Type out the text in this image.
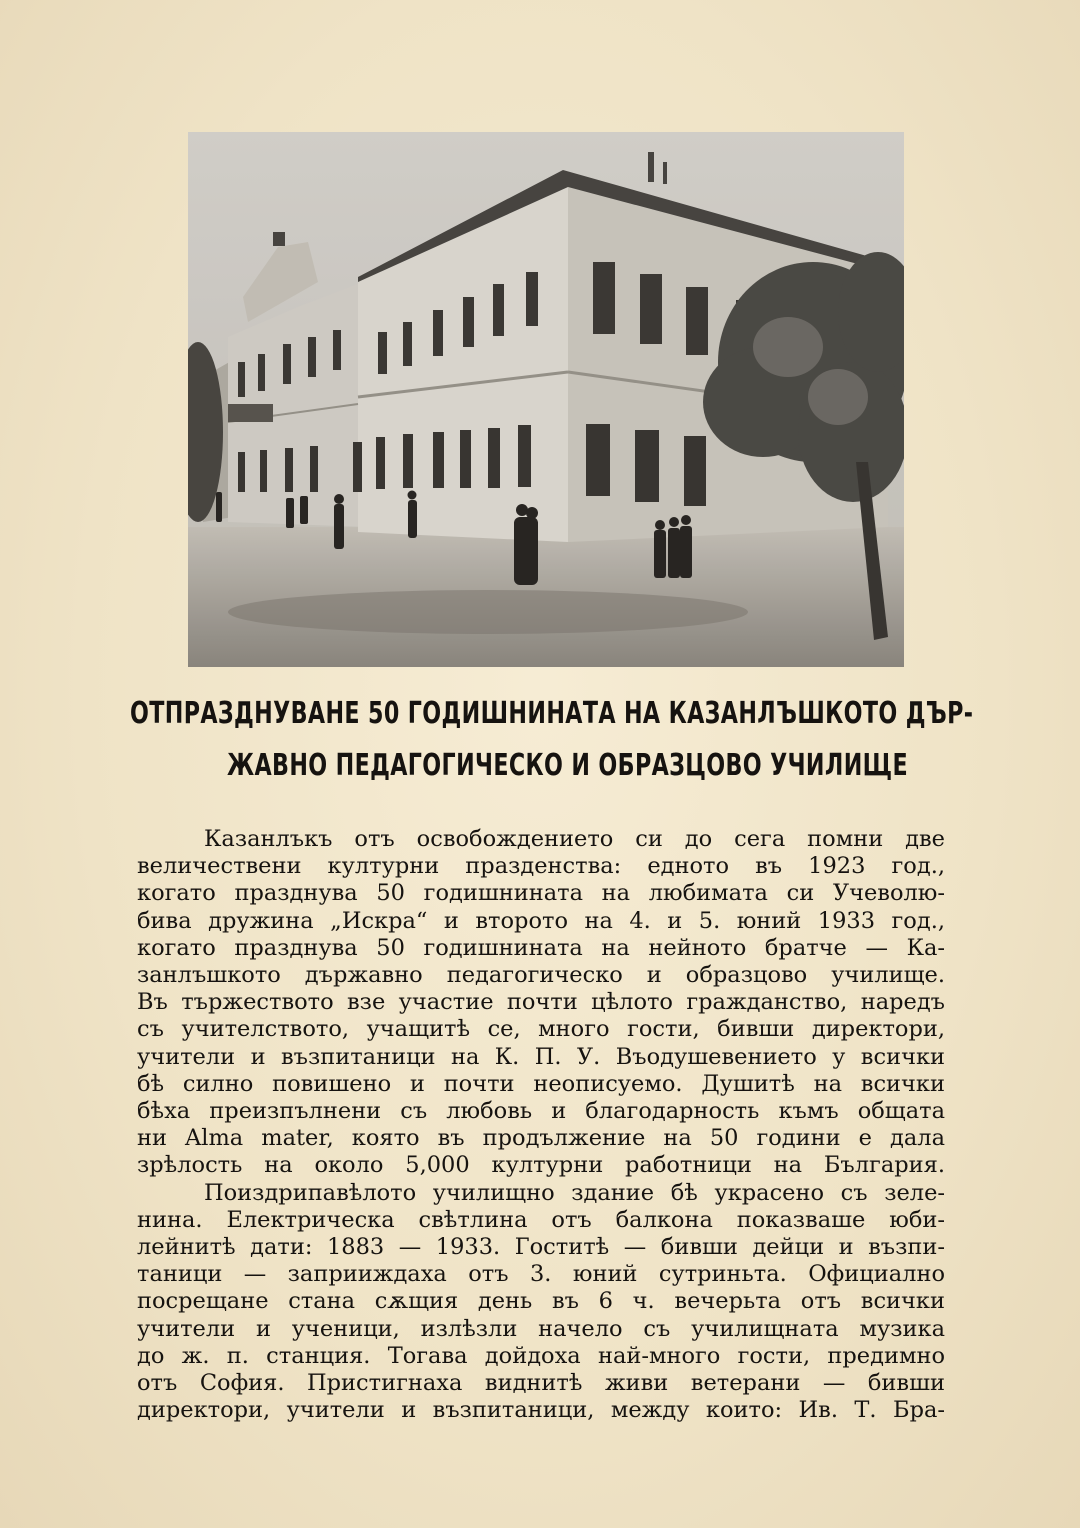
ОТПРАЗДНУВАНЕ 50 ГОДИШНИНАТА НА КАЗАНЛЪШКОТО ДЪР-
ЖАВНО ПЕДАГОГИЧЕСКО И ОБРАЗЦОВО УЧИЛИЩЕ
Казанлъкъ отъ освобождението си до сега помни две
величествени културни празденства: едното въ 1923 год.,
когато празднува 50 годишнината на любимата си Учеволю-
бива дружина „Искра“ и второто на 4. и 5. юний 1933 год.,
когато празднува 50 годишнината на нейното братче — Ка-
занлъшкото държавно педагогическо и образцово училище.
Въ тържеството взе участие почти цѣлото гражданство, наредъ
съ учителството, учащитѣ се, много гости, бивши директори,
учители и възпитаници на К. П. У. Въодушевението у всички
бѣ силно повишено и почти неописуемо. Душитѣ на всички
бѣха преизпълнени съ любовь и благодарность къмъ общата
ни Alma mater, която въ продължение на 50 години е дала
зрѣлость на около 5,000 културни работници на България.
Поиздрипавѣлото училищно здание бѣ украсено съ зеле-
нина. Електрическа свѣтлина отъ балкона показваше юби-
лейнитѣ дати: 1883 — 1933. Гоститѣ — бивши дейци и възпи-
таници — заприиждаха отъ 3. юний сутриньта. Официално
посрещане стана сѫщия день въ 6 ч. вечерьта отъ всички
учители и ученици, излѣзли начело съ училищната музика
до ж. п. станция. Тогава дойдоха най-много гости, предимно
отъ София. Пристигнаха виднитѣ живи ветерани — бивши
директори, учители и възпитаници, между които: Ив. Т. Бра-
